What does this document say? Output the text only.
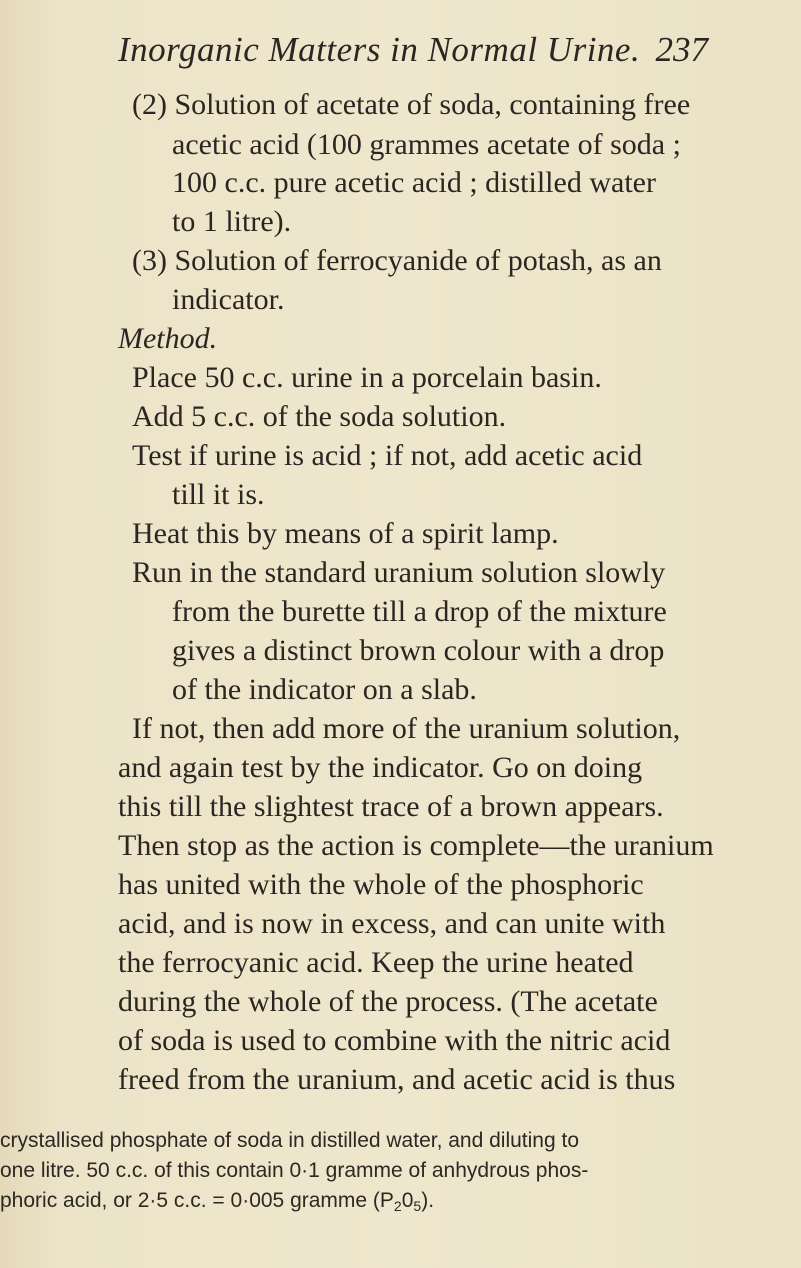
Inorganic Matters in Normal Urine. 237
(2) Solution of acetate of soda, containing free
acetic acid (100 grammes acetate of soda ;
100 c.c. pure acetic acid ; distilled water
to 1 litre).
(3) Solution of ferrocyanide of potash, as an
indicator.
Method.
Place 50 c.c. urine in a porcelain basin.
Add 5 c.c. of the soda solution.
Test if urine is acid ; if not, add acetic acid
till it is.
Heat this by means of a spirit lamp.
Run in the standard uranium solution slowly
from the burette till a drop of the mixture
gives a distinct brown colour with a drop
of the indicator on a slab.
If not, then add more of the uranium solution,
and again test by the indicator. Go on doing
this till the slightest trace of a brown appears.
Then stop as the action is complete—the uranium
has united with the whole of the phosphoric
acid, and is now in excess, and can unite with
the ferrocyanic acid. Keep the urine heated
during the whole of the process. (The acetate
of soda is used to combine with the nitric acid
freed from the uranium, and acetic acid is thus
crystallised phosphate of soda in distilled water, and diluting to
one litre. 50 c.c. of this contain 0·1 gramme of anhydrous phos-
phoric acid, or 2·5 c.c. = 0·005 gramme $(P_20_5)$.
